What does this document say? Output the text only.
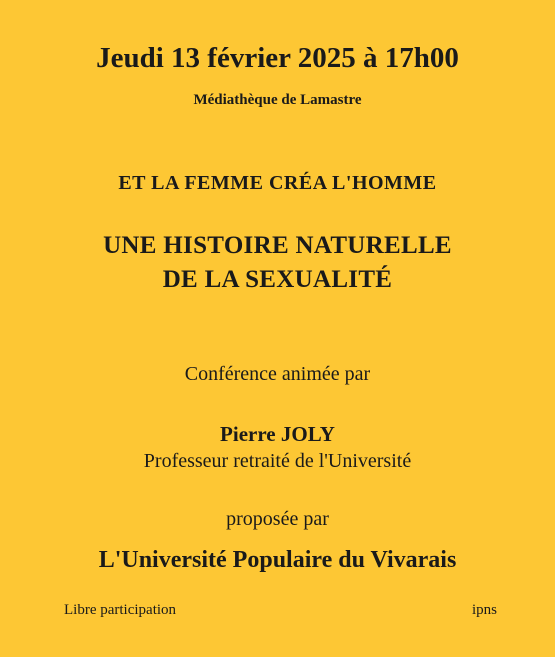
Jeudi 13 février 2025 à 17h00
Médiathèque de Lamastre
ET LA FEMME CRÉA L'HOMME
UNE HISTOIRE NATURELLE
DE LA SEXUALITÉ
Conférence animée par
Pierre JOLY
Professeur retraité de l'Université
proposée par
L'Université Populaire du Vivarais
Libre participation	ipns
